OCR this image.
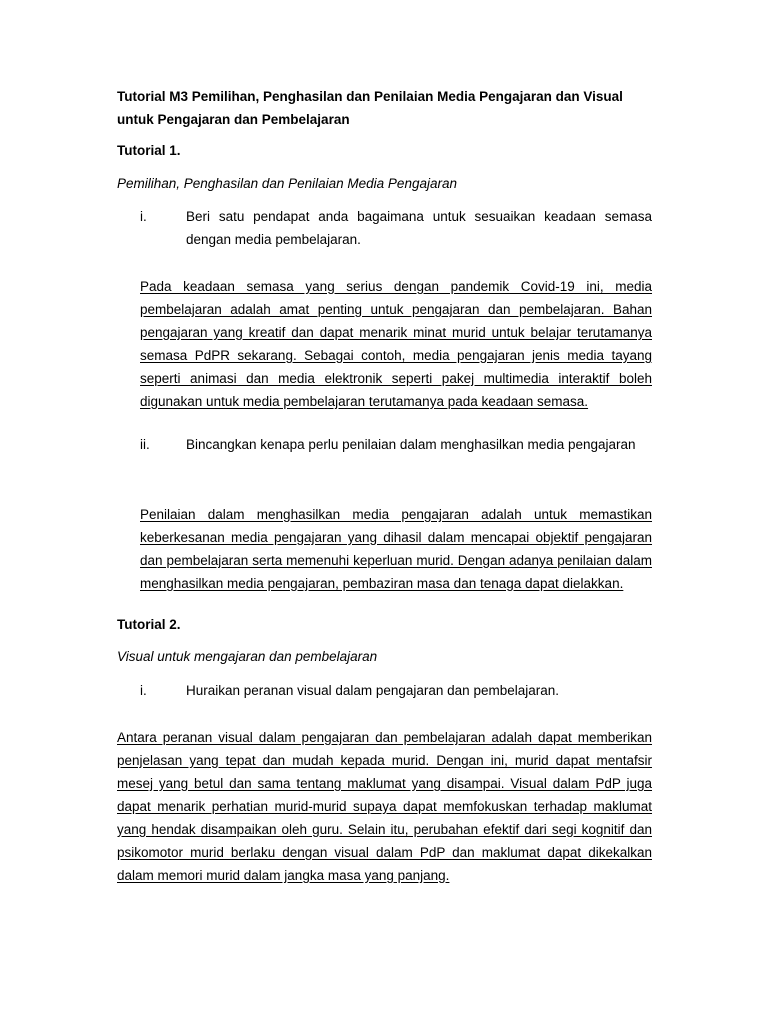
Tutorial M3 Pemilihan, Penghasilan dan Penilaian Media Pengajaran dan Visual untuk Pengajaran dan Pembelajaran

Tutorial 1.

Pemilihan, Penghasilan dan Penilaian Media Pengajaran

i.	Beri satu pendapat anda bagaimana untuk sesuaikan keadaan semasa dengan media pembelajaran.

Pada keadaan semasa yang serius dengan pandemik Covid-19 ini, media pembelajaran adalah amat penting untuk pengajaran dan pembelajaran. Bahan pengajaran yang kreatif dan dapat menarik minat murid untuk belajar terutamanya semasa PdPR sekarang. Sebagai contoh, media pengajaran jenis media tayang seperti animasi dan media elektronik seperti pakej multimedia interaktif boleh digunakan untuk media pembelajaran terutamanya pada keadaan semasa.

ii.	Bincangkan kenapa perlu penilaian dalam menghasilkan media pengajaran

Penilaian dalam menghasilkan media pengajaran adalah untuk memastikan keberkesanan media pengajaran yang dihasil dalam mencapai objektif pengajaran dan pembelajaran serta memenuhi keperluan murid. Dengan adanya penilaian dalam menghasilkan media pengajaran, pembaziran masa dan tenaga dapat dielakkan.

Tutorial 2.

Visual untuk mengajaran dan pembelajaran

i.	Huraikan peranan visual dalam pengajaran dan pembelajaran.

Antara peranan visual dalam pengajaran dan pembelajaran adalah dapat memberikan penjelasan yang tepat dan mudah kepada murid. Dengan ini, murid dapat mentafsir mesej yang betul dan sama tentang maklumat yang disampai. Visual dalam PdP juga dapat menarik perhatian murid-murid supaya dapat memfokuskan terhadap maklumat yang hendak disampaikan oleh guru. Selain itu, perubahan efektif dari segi kognitif dan psikomotor murid berlaku dengan visual dalam PdP dan maklumat dapat dikekalkan dalam memori murid dalam jangka masa yang panjang.
